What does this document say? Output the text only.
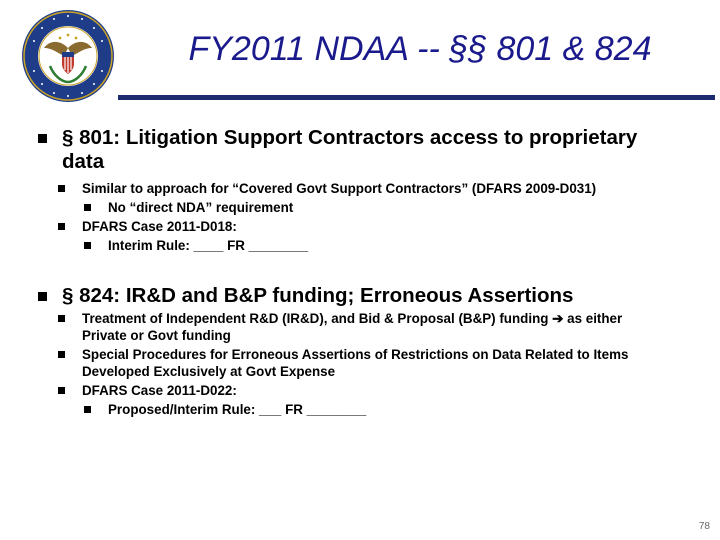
FY2011 NDAA -- §§ 801 & 824
§ 801: Litigation Support Contractors access to proprietary data
Similar to approach for “Covered Govt Support Contractors” (DFARS 2009-D031)
No “direct NDA” requirement
DFARS Case 2011-D018:
Interim Rule: ____ FR ________
§ 824: IR&D and B&P funding; Erroneous Assertions
Treatment of Independent R&D (IR&D), and Bid & Proposal (B&P) funding ➔ as either Private or Govt funding
Special Procedures for Erroneous Assertions of Restrictions on Data Related to Items Developed Exclusively at Govt Expense
DFARS Case 2011-D022:
Proposed/Interim Rule: ___ FR ________
78
